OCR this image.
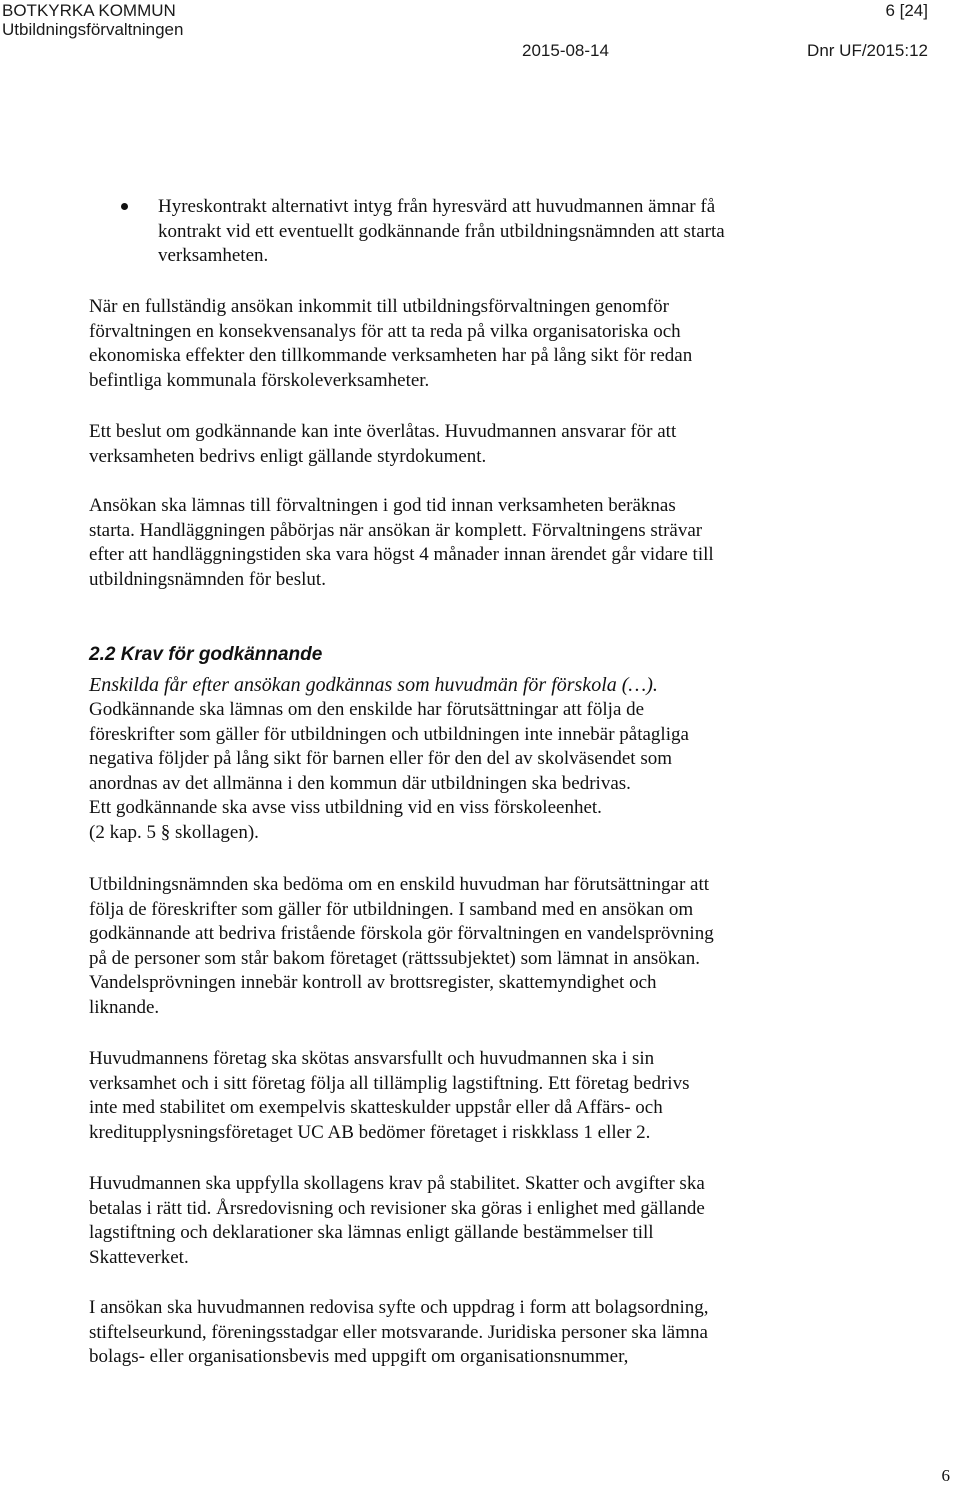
BOTKYRKA KOMMUN
Utbildningsförvaltningen
6 [24]
2015-08-14	Dnr UF/2015:12
Hyreskontrakt alternativt intyg från hyresvärd att huvudmannen ämnar få
kontrakt vid ett eventuellt godkännande från utbildningsnämnden att starta
verksamheten.
När en fullständig ansökan inkommit till utbildningsförvaltningen genomför
förvaltningen en konsekvensanalys för att ta reda på vilka organisatoriska och
ekonomiska effekter den tillkommande verksamheten har på lång sikt för redan
befintliga kommunala förskoleverksamheter.
Ett beslut om godkännande kan inte överlåtas. Huvudmannen ansvarar för att
verksamheten bedrivs enligt gällande styrdokument.
Ansökan ska lämnas till förvaltningen i god tid innan verksamheten beräknas
starta. Handläggningen påbörjas när ansökan är komplett. Förvaltningens strävar
efter att handläggningstiden ska vara högst 4 månader innan ärendet går vidare till
utbildningsnämnden för beslut.
2.2 Krav för godkännande
Enskilda får efter ansökan godkännas som huvudmän för förskola (…).
Godkännande ska lämnas om den enskilde har förutsättningar att följa de
föreskrifter som gäller för utbildningen och utbildningen inte innebär påtagliga
negativa följder på lång sikt för barnen eller för den del av skolväsendet som
anordnas av det allmänna i den kommun där utbildningen ska bedrivas.
Ett godkännande ska avse viss utbildning vid en viss förskoleenhet.
(2 kap. 5 § skollagen).
Utbildningsnämnden ska bedöma om en enskild huvudman har förutsättningar att
följa de föreskrifter som gäller för utbildningen. I samband med en ansökan om
godkännande att bedriva fristående förskola gör förvaltningen en vandelsprövning
på de personer som står bakom företaget (rättssubjektet) som lämnat in ansökan.
Vandelsprövningen innebär kontroll av brottsregister, skattemyndighet och
liknande.
Huvudmannens företag ska skötas ansvarsfullt och huvudmannen ska i sin
verksamhet och i sitt företag följa all tillämplig lagstiftning. Ett företag bedrivs
inte med stabilitet om exempelvis skatteskulder uppstår eller då Affärs- och
kreditupplysningsföretaget UC AB bedömer företaget i riskklass 1 eller 2.
Huvudmannen ska uppfylla skollagens krav på stabilitet. Skatter och avgifter ska
betalas i rätt tid. Årsredovisning och revisioner ska göras i enlighet med gällande
lagstiftning och deklarationer ska lämnas enligt gällande bestämmelser till
Skatteverket.
I ansökan ska huvudmannen redovisa syfte och uppdrag i form att bolagsordning,
stiftelseurkund, föreningsstadgar eller motsvarande. Juridiska personer ska lämna
bolags- eller organisationsbevis med uppgift om organisationsnummer,
6
